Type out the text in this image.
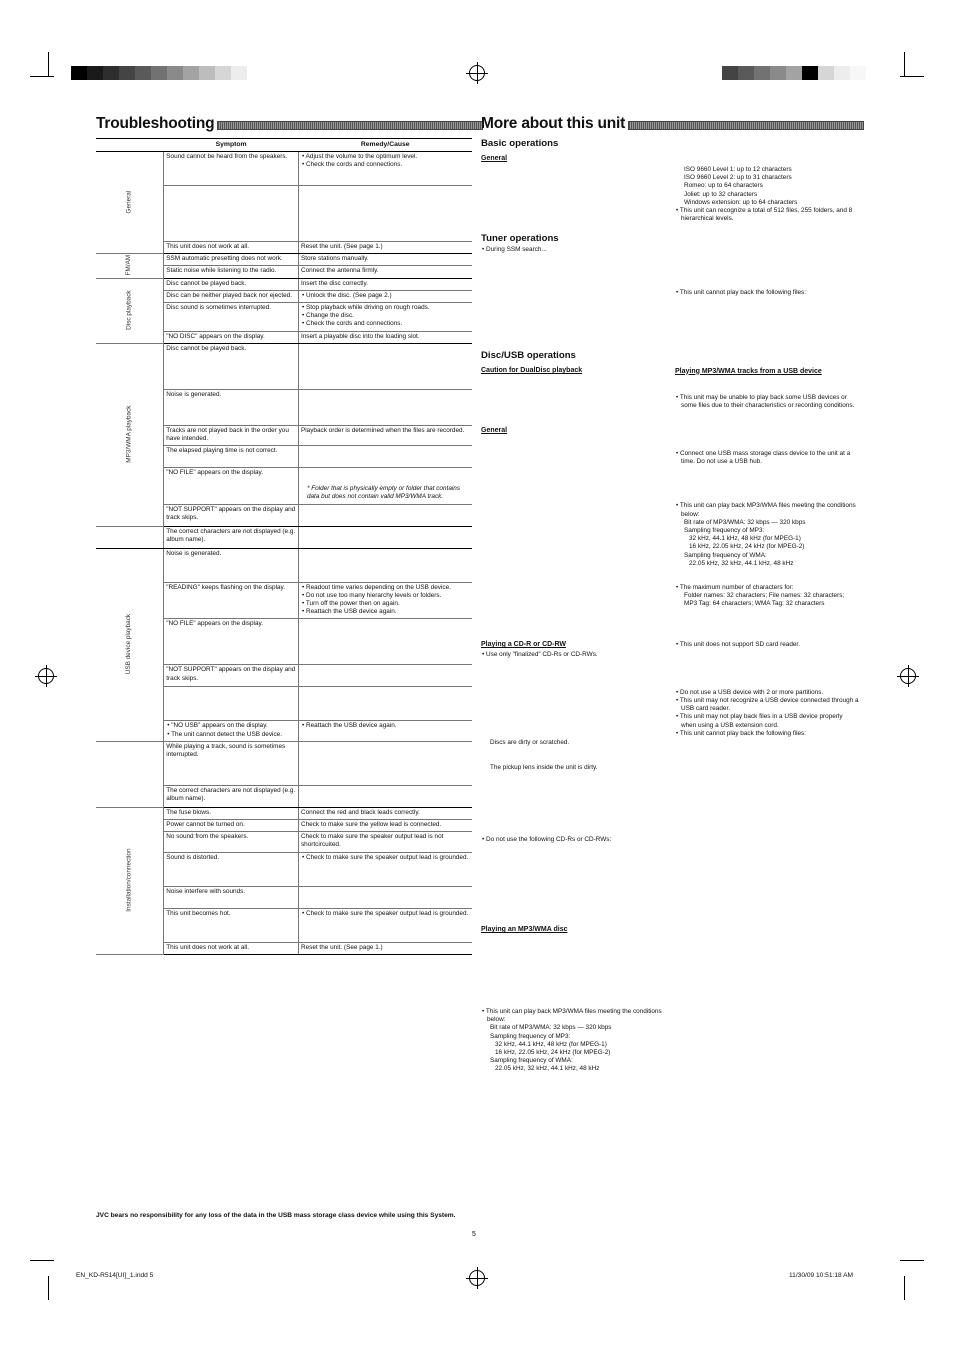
Troubleshooting
	Symptom	Remedy/Cause
General	Sound cannot be heard from the speakers.	• Adjust the volume to the optimum level.
• Check the cords and connections.

	This unit does not work at all.	Reset the unit. (See page 1.)
FM/AM	SSM automatic presetting does not work.	Store stations manually.
	Static noise while listening to the radio.	Connect the antenna firmly.
Disc playback	Disc cannot be played back.	Insert the disc correctly.
	Disc can be neither played back nor ejected.	• Unlock the disc. (See page 2.)

	Disc sound is sometimes interrupted.	• Stop playback while driving on rough roads.
• Change the disc.
• Check the cords and connections.

	"NO DISC" appears on the display.	Insert a playable disc into the loading slot.
MP3/WMA playback	Disc cannot be played back.	
	Noise is generated.	
	Tracks are not played back in the order you have intended.	Playback order is determined when the files are recorded.
	The elapsed playing time is not correct.	
	"NO FILE" appears on the display.	* Folder that is physically empty or folder that contains data but does not contain valid MP3/WMA track.

	"NOT SUPPORT" appears on the display and track skips.	
	The correct characters are not displayed (e.g. album name).	
USB device playback	Noise is generated.	
	"READING" keeps flashing on the display.	• Readout time varies depending on the USB device.
• Do not use too many hierarchy levels or folders.
• Turn off the power then on again.
• Reattach the USB device again.

	"NO FILE" appears on the display.	
	"NOT SUPPORT" appears on the display and track skips.	

	• "NO USB" appears on the display.
• The unit cannot detect the USB device.	• Reattach the USB device again.

	While playing a track, sound is sometimes interrupted.	
	The correct characters are not displayed (e.g. album name).	
Installation/connection	The fuse blows.	Connect the red and black leads correctly.
	Power cannot be turned on.	Check to make sure the yellow lead is connected.
	No sound from the speakers.	Check to make sure the speaker output lead is not shortcircuited.
	Sound is distorted.	• Check to make sure the speaker output lead is grounded.

	Noise interfere with sounds.	
	This unit becomes hot.	• Check to make sure the speaker output lead is grounded.

	This unit does not work at all.	Reset the unit. (See page 1.)
JVC bears no responsibility for any loss of the data in the USB mass storage class device while using this System.
More about this unit
Basic operations
General
Tuner operations

• During SSM search...

Disc/USB operations
Caution for DualDisc playback
General
Playing a CD-R or CD-RW

• Use only "finalized" CD-Rs or CD-RWs.

Discs are dirty or scratched.

The pickup lens inside the unit is dirty.

• Do not use the following CD-Rs or CD-RWs:

Playing an MP3/WMA disc

• This unit can play back MP3/WMA files meeting the conditions below:

Bit rate of MP3/WMA: 32 kbps — 320 kbps

Sampling frequency of MP3:

32 kHz, 44.1 kHz, 48 kHz (for MPEG-1)

16 kHz, 22.05 kHz, 24 kHz (for MPEG-2)

Sampling frequency of WMA:

22.05 kHz, 32 kHz, 44.1 kHz, 48 kHz

ISO 9660 Level 1: up to 12 characters

ISO 9660 Level 2: up to 31 characters

Romeo: up to 64 characters

Joliet: up to 32 characters

Windows extension: up to 64 characters

• This unit can recognize a total of 512 files, 255 folders, and 8 hierarchical levels.

• This unit cannot play back the following files:

Playing MP3/WMA tracks from a USB device

• This unit may be unable to play back some USB devices or some files due to their characteristics or recording conditions.

• Connect one USB mass storage class device to the unit at a time. Do not use a USB hub.

• This unit can play back MP3/WMA files meeting the conditions below:

Bit rate of MP3/WMA: 32 kbps — 320 kbps

Sampling frequency of MP3:

32 kHz, 44.1 kHz, 48 kHz (for MPEG-1)

16 kHz, 22.05 kHz, 24 kHz (for MPEG-2)

Sampling frequency of WMA:

22.05 kHz, 32 kHz, 44.1 kHz, 48 kHz

• The maximum number of characters for:

Folder names: 32 characters; File names: 32 characters; MP3 Tag: 64 characters; WMA Tag: 32 characters

• This unit does not support SD card reader.

• Do not use a USB device with 2 or more partitions.

• This unit may not recognize a USB device connected through a USB card reader.

• This unit may not play back files in a USB device properly when using a USB extension cord.

• This unit cannot play back the following files:

5
EN_KD-R514[UI]_1.indd 5	11/30/09 10:51:18 AM
